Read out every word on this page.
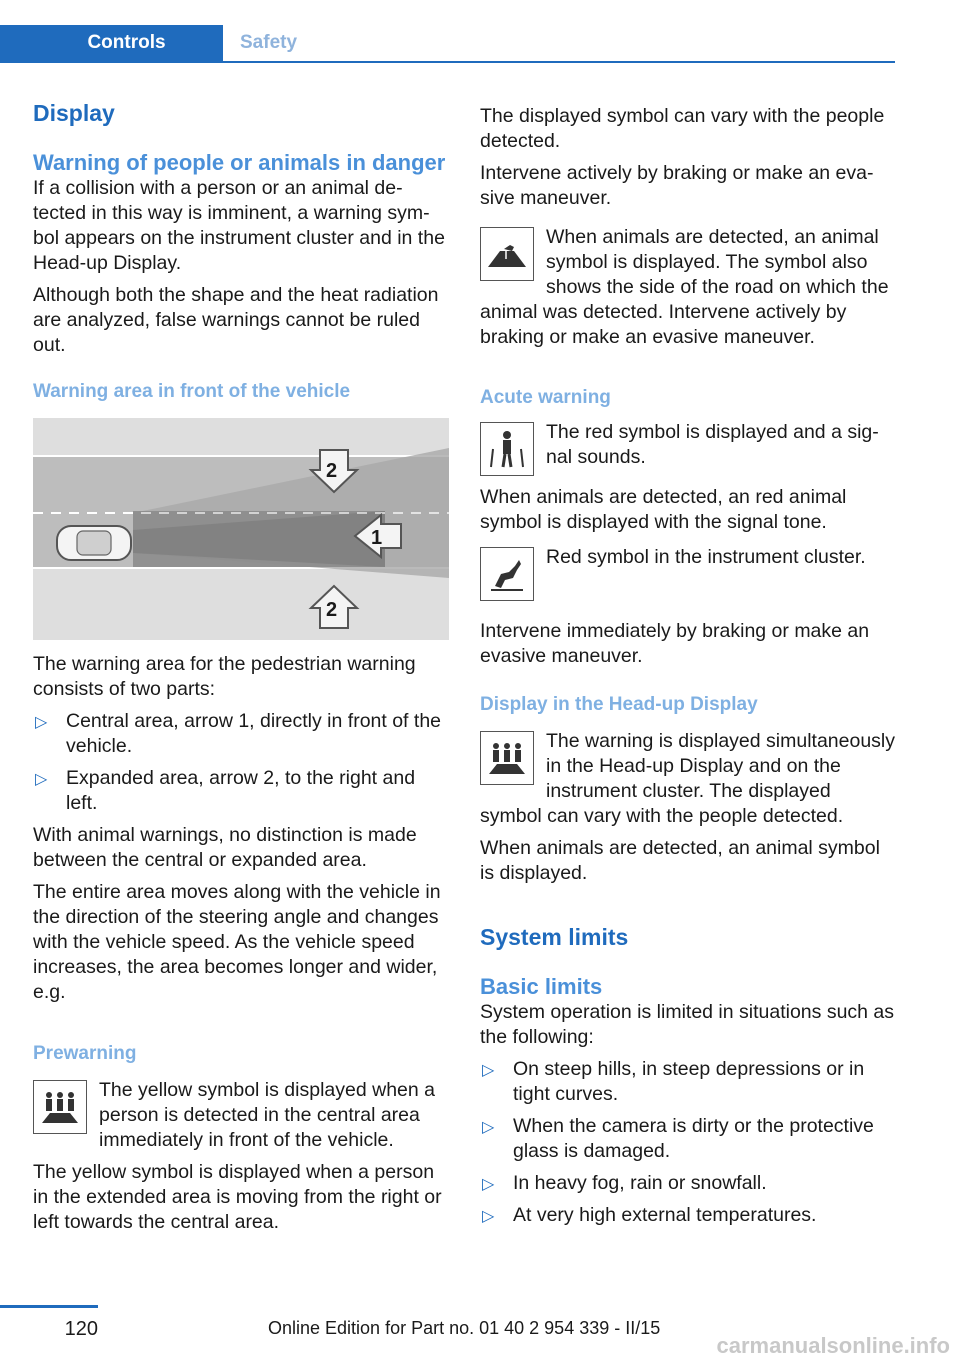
Controls	Safety
Display
Warning of people or animals in danger

If a collision with a person or an animal detected in this way is imminent, a warning symbol appears on the instrument cluster and in the Head-up Display.

Although both the shape and the heat radiation are analyzed, false warnings cannot be ruled out.

Warning area in front of the vehicle
2
1
2

The warning area for the pedestrian warning consists of two parts:

▷ Central area, arrow 1, directly in front of the vehicle.
▷ Expanded area, arrow 2, to the right and left.

With animal warnings, no distinction is made between the central or expanded area.

The entire area moves along with the vehicle in the direction of the steering angle and changes with the vehicle speed. As the vehicle speed increases, the area becomes longer and wider, e.g.

Prewarning
The yellow symbol is displayed when a person is detected in the central area immediately in front of the vehicle.

The yellow symbol is displayed when a person in the extended area is moving from the right or left towards the central area.

The displayed symbol can vary with the people detected.

Intervene actively by braking or make an evasive maneuver.

When animals are detected, an animal symbol is displayed. The symbol also shows the side of the road on which the animal was detected. Intervene actively by braking or make an evasive maneuver.
Acute warning
The red symbol is displayed and a signal sounds.

When animals are detected, an red animal symbol is displayed with the signal tone.

Red symbol in the instrument cluster.

Intervene immediately by braking or make an evasive maneuver.

Display in the Head-up Display
The warning is displayed simultaneously in the Head-up Display and on the instrument cluster. The displayed symbol can vary with the people detected.

When animals are detected, an animal symbol is displayed.

System limits
Basic limits

System operation is limited in situations such as the following:

▷ On steep hills, in steep depressions or in tight curves.
▷ When the camera is dirty or the protective glass is damaged.
▷ In heavy fog, rain or snowfall.
▷ At very high external temperatures.
120	Online Edition for Part no. 01 40 2 954 339 - II/15
carmanualsonline.info
